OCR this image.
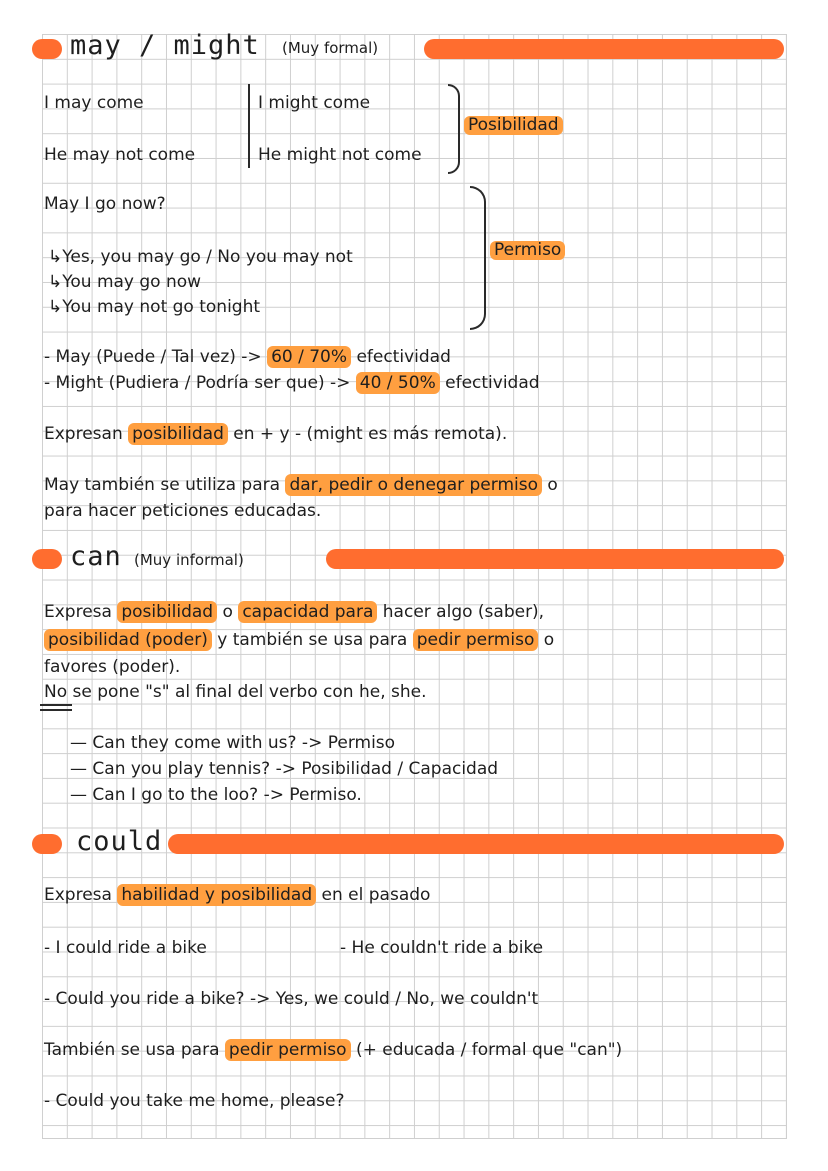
may / might (Muy formal)
I may come	I might come
He may not come	He might not come
Posibilidad
May I go now?
↳Yes, you may go / No you may not
↳You may go now
↳You may not go tonight
Permiso
- May (Puede / Tal vez) -> 60 / 70% efectividad
- Might (Pudiera / Podría ser que) -> 40 / 50% efectividad
Expresan posibilidad en + y - (might es más remota).
May también se utiliza para dar, pedir o denegar permiso o
para hacer peticiones educadas.
can (Muy informal)
Expresa posibilidad o capacidad para hacer algo (saber),
posibilidad (poder) y también se usa para pedir permiso o
favores (poder).
No se pone "s" al final del verbo con he, she.
— Can they come with us? -> Permiso
— Can you play tennis? -> Posibilidad / Capacidad
— Can I go to the loo? -> Permiso.
could
Expresa habilidad y posibilidad en el pasado
- I could ride a bike	- He couldn't ride a bike
- Could you ride a bike? -> Yes, we could / No, we couldn't
También se usa para pedir permiso (+ educada / formal que "can")
- Could you take me home, please?
